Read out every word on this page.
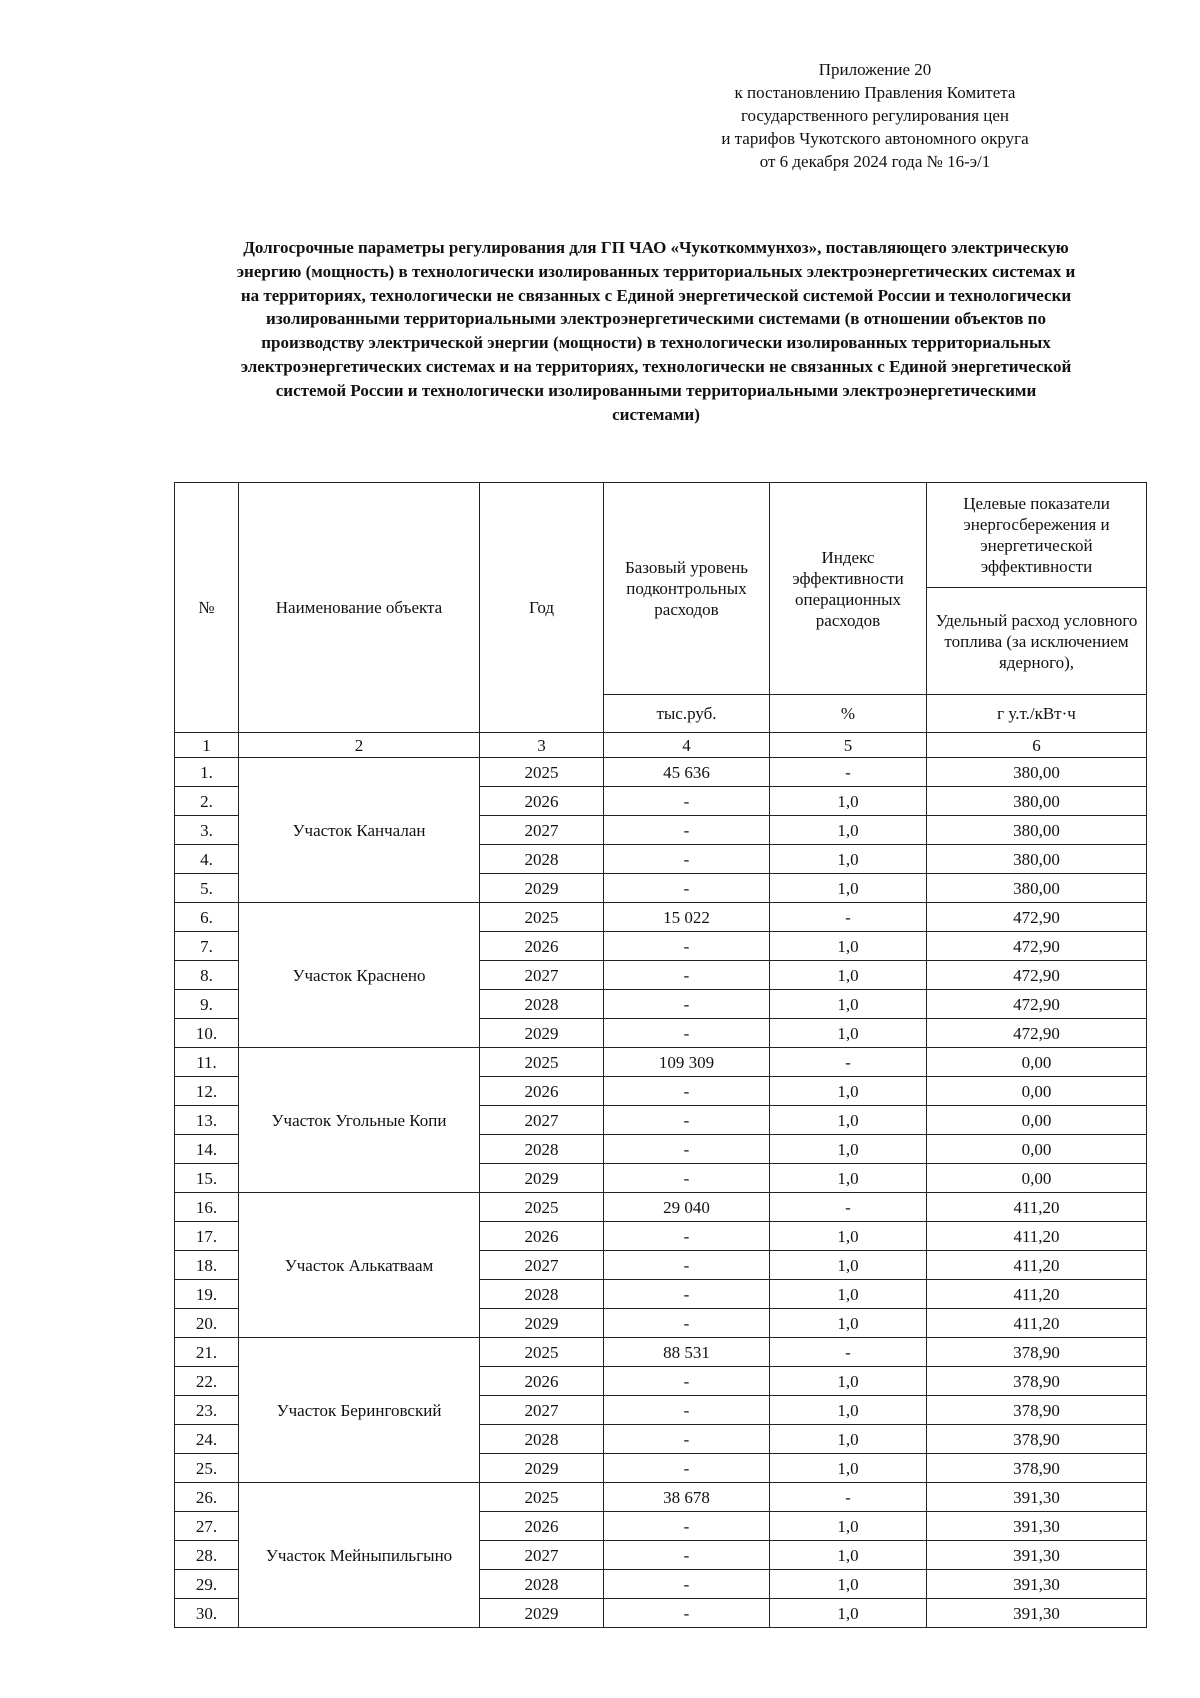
Приложение 20
к постановлению Правления Комитета
государственного регулирования цен
и тарифов Чукотского автономного округа
от 6 декабря 2024 года № 16-э/1
Долгосрочные параметры регулирования для ГП ЧАО «Чукоткоммунхоз», поставляющего электрическую
энергию (мощность) в технологически изолированных территориальных электроэнергетических системах и
на территориях, технологически не связанных с Единой энергетической системой России и технологически
изолированными территориальными электроэнергетическими системами (в отношении объектов по
производству электрической энергии (мощности) в технологически изолированных территориальных
электроэнергетических системах и на территориях, технологически не связанных с Единой энергетической
системой России и технологически изолированными территориальными электроэнергетическими
системами)
№	Наименование объекта	Год	Базовый уровень подконтрольных расходов	Индекс эффективности операционных расходов	Целевые показатели энергосбережения и энергетической эффективности
					Удельный расход условного топлива (за исключением ядерного),
			тыс.руб.	%	г у.т./кВт·ч
1	2	3	4	5	6
1.	Участок Канчалан	2025	45 636	-	380,00
2.		2026	-	1,0	380,00
3.		2027	-	1,0	380,00
4.		2028	-	1,0	380,00
5.		2029	-	1,0	380,00
6.	Участок Краснено	2025	15 022	-	472,90
7.		2026	-	1,0	472,90
8.		2027	-	1,0	472,90
9.		2028	-	1,0	472,90
10.		2029	-	1,0	472,90
11.	Участок Угольные Копи	2025	109 309	-	0,00
12.		2026	-	1,0	0,00
13.		2027	-	1,0	0,00
14.		2028	-	1,0	0,00
15.		2029	-	1,0	0,00
16.	Участок Алькатваам	2025	29 040	-	411,20
17.		2026	-	1,0	411,20
18.		2027	-	1,0	411,20
19.		2028	-	1,0	411,20
20.		2029	-	1,0	411,20
21.	Участок Беринговский	2025	88 531	-	378,90
22.		2026	-	1,0	378,90
23.		2027	-	1,0	378,90
24.		2028	-	1,0	378,90
25.		2029	-	1,0	378,90
26.	Участок Мейныпильгыно	2025	38 678	-	391,30
27.		2026	-	1,0	391,30
28.		2027	-	1,0	391,30
29.		2028	-	1,0	391,30
30.		2029	-	1,0	391,30
